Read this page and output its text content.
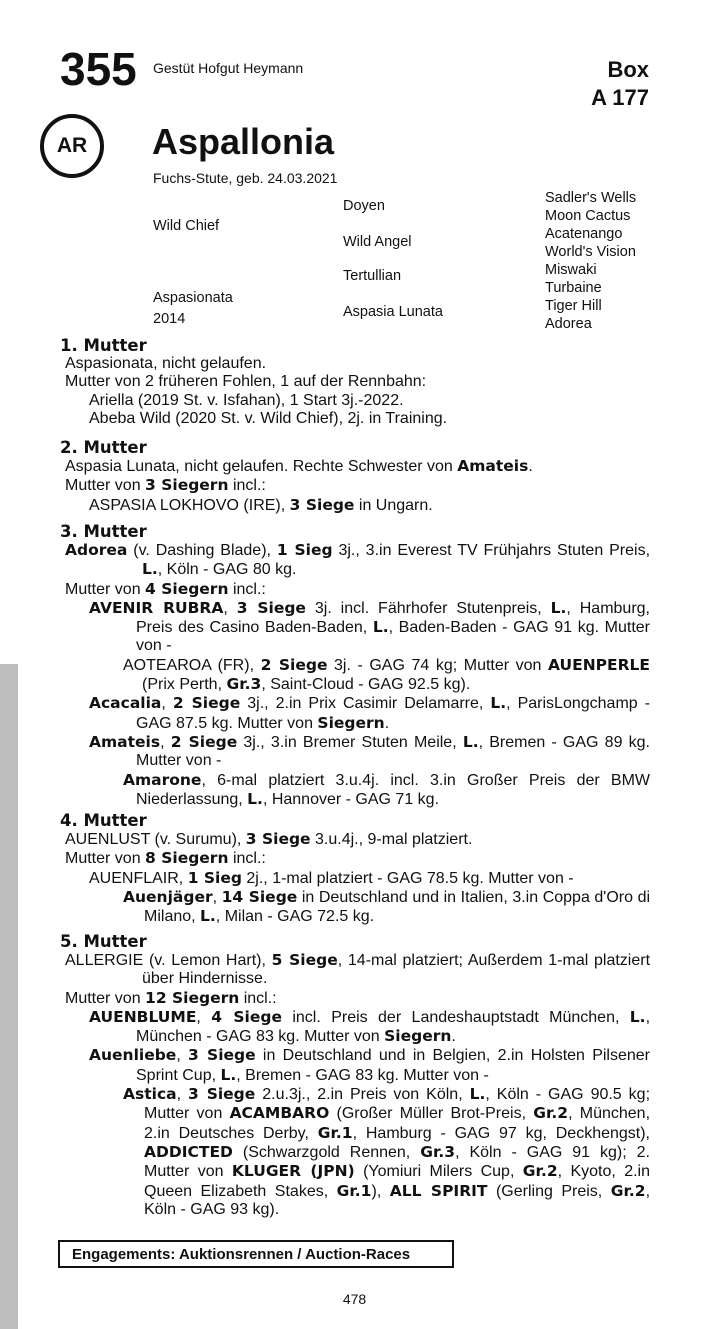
355 Gestüt Hofgut Heymann	Box
A 177
AR	Aspallonia
Fuchs-Stute, geb. 24.03.2021
Wild Chief
Aspasionata
2014
Doyen
Wild Angel
Tertullian
Aspasia Lunata
Sadler's Wells
Moon Cactus
Acatenango
World's Vision
Miswaki
Turbaine
Tiger Hill
Adorea
1. Mutter
Aspasionata, nicht gelaufen.
Mutter von 2 früheren Fohlen, 1 auf der Rennbahn:
Ariella (2019 St. v. Isfahan), 1 Start 3j.-2022.
Abeba Wild (2020 St. v. Wild Chief), 2j. in Training.
2. Mutter
Aspasia Lunata, nicht gelaufen. Rechte Schwester von Amateis.
Mutter von 3 Siegern incl.:
ASPASIA LOKHOVO (IRE), 3 Siege in Ungarn.
3. Mutter
Adorea (v. Dashing Blade), 1 Sieg 3j., 3.in Everest TV Frühjahrs Stuten Preis, L., Köln - GAG 80 kg.
Mutter von 4 Siegern incl.:
AVENIR RUBRA, 3 Siege 3j. incl. Fährhofer Stutenpreis, L., Hamburg, Preis des Casino Baden-Baden, L., Baden-Baden - GAG 91 kg. Mutter von -
AOTEAROA (FR), 2 Siege 3j. - GAG 74 kg; Mutter von AUENPERLE (Prix Perth, Gr.3, Saint-Cloud - GAG 92.5 kg).
Acacalia, 2 Siege 3j., 2.in Prix Casimir Delamarre, L., ParisLongchamp - GAG 87.5 kg. Mutter von Siegern.
Amateis, 2 Siege 3j., 3.in Bremer Stuten Meile, L., Bremen - GAG 89 kg. Mutter von -
Amarone, 6-mal platziert 3.u.4j. incl. 3.in Großer Preis der BMW Niederlassung, L., Hannover - GAG 71 kg.
4. Mutter
AUENLUST (v. Surumu), 3 Siege 3.u.4j., 9-mal platziert.
Mutter von 8 Siegern incl.:
AUENFLAIR, 1 Sieg 2j., 1-mal platziert - GAG 78.5 kg. Mutter von -
Auenjäger, 14 Siege in Deutschland und in Italien, 3.in Coppa d'Oro di Milano, L., Milan - GAG 72.5 kg.
5. Mutter
ALLERGIE (v. Lemon Hart), 5 Siege, 14-mal platziert; Außerdem 1-mal platziert über Hindernisse.
Mutter von 12 Siegern incl.:
AUENBLUME, 4 Siege incl. Preis der Landeshauptstadt München, L., München - GAG 83 kg. Mutter von Siegern.
Auenliebe, 3 Siege in Deutschland und in Belgien, 2.in Holsten Pilsener Sprint Cup, L., Bremen - GAG 83 kg. Mutter von -
Astica, 3 Siege 2.u.3j., 2.in Preis von Köln, L., Köln - GAG 90.5 kg; Mutter von ACAMBARO (Großer Müller Brot-Preis, Gr.2, München, 2.in Deutsches Derby, Gr.1, Hamburg - GAG 97 kg, Deckhengst), ADDICTED (Schwarzgold Rennen, Gr.3, Köln - GAG 91 kg); 2. Mutter von KLUGER (JPN) (Yomiuri Milers Cup, Gr.2, Kyoto, 2.in Queen Elizabeth Stakes, Gr.1), ALL SPIRIT (Gerling Preis, Gr.2, Köln - GAG 93 kg).
Engagements: Auktionsrennen / Auction-Races
478
